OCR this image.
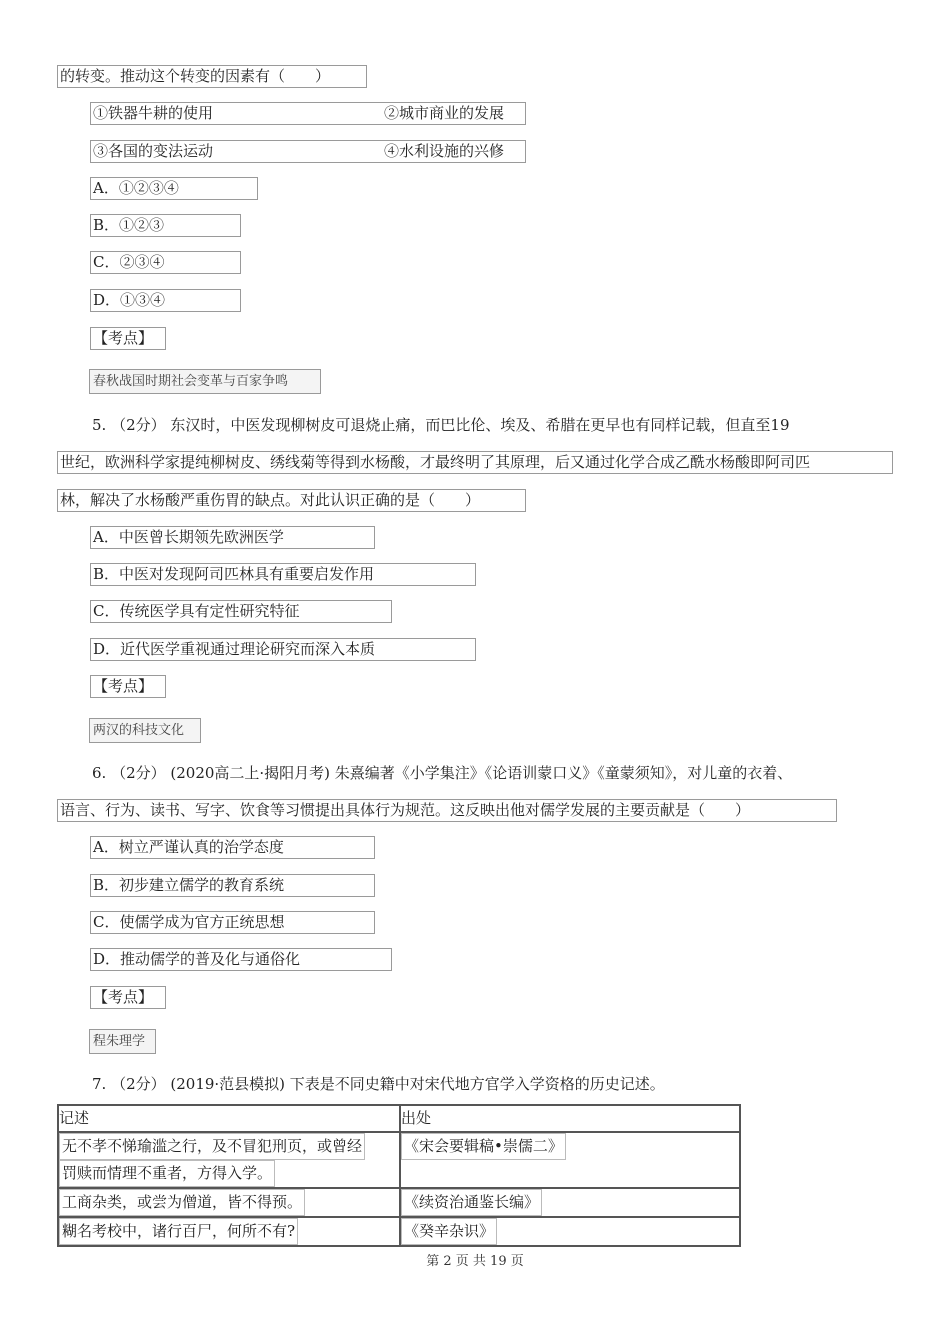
的转变。推动这个转变的因素有（　　）
①铁器牛耕的使用	②城市商业的发展
③各国的变法运动	④水利设施的兴修
A．①②③④
B．①②③
C．②③④
D．①③④
【考点】
春秋战国时期社会变革与百家争鸣
5. （2分） 东汉时，中医发现柳树皮可退烧止痛，而巴比伦、埃及、希腊在更早也有同样记载，但直至19
世纪，欧洲科学家提纯柳树皮、绣线菊等得到水杨酸，才最终明了其原理，后又通过化学合成乙酰水杨酸即阿司匹
林，解决了水杨酸严重伤胃的缺点。对此认识正确的是（　　）
A．中医曾长期领先欧洲医学
B．中医对发现阿司匹林具有重要启发作用
C．传统医学具有定性研究特征
D．近代医学重视通过理论研究而深入本质
【考点】
两汉的科技文化
6. （2分） (2020高二上·揭阳月考) 朱熹编著《小学集注》《论语训蒙口义》《童蒙须知》，对儿童的衣着、
语言、行为、读书、写字、饮食等习惯提出具体行为规范。这反映出他对儒学发展的主要贡献是（　　）
A．树立严谨认真的治学态度
B．初步建立儒学的教育系统
C．使儒学成为官方正统思想
D．推动儒学的普及化与通俗化
【考点】
程朱理学
7. （2分） (2019·范县模拟) 下表是不同史籍中对宋代地方官学入学资格的历史记述。
记述	出处
无不孝不悌瑜滥之行，及不冒犯刑页，或曾经
罚赎而情理不重者，方得入学。	《宋会要辑稿•崇儒二》
工商杂类，或尝为僧道，皆不得预。	《续资治通鉴长编》
糊名考校中，诸行百尸，何所不有?	《癸辛杂识》
第 2 页 共 19 页
